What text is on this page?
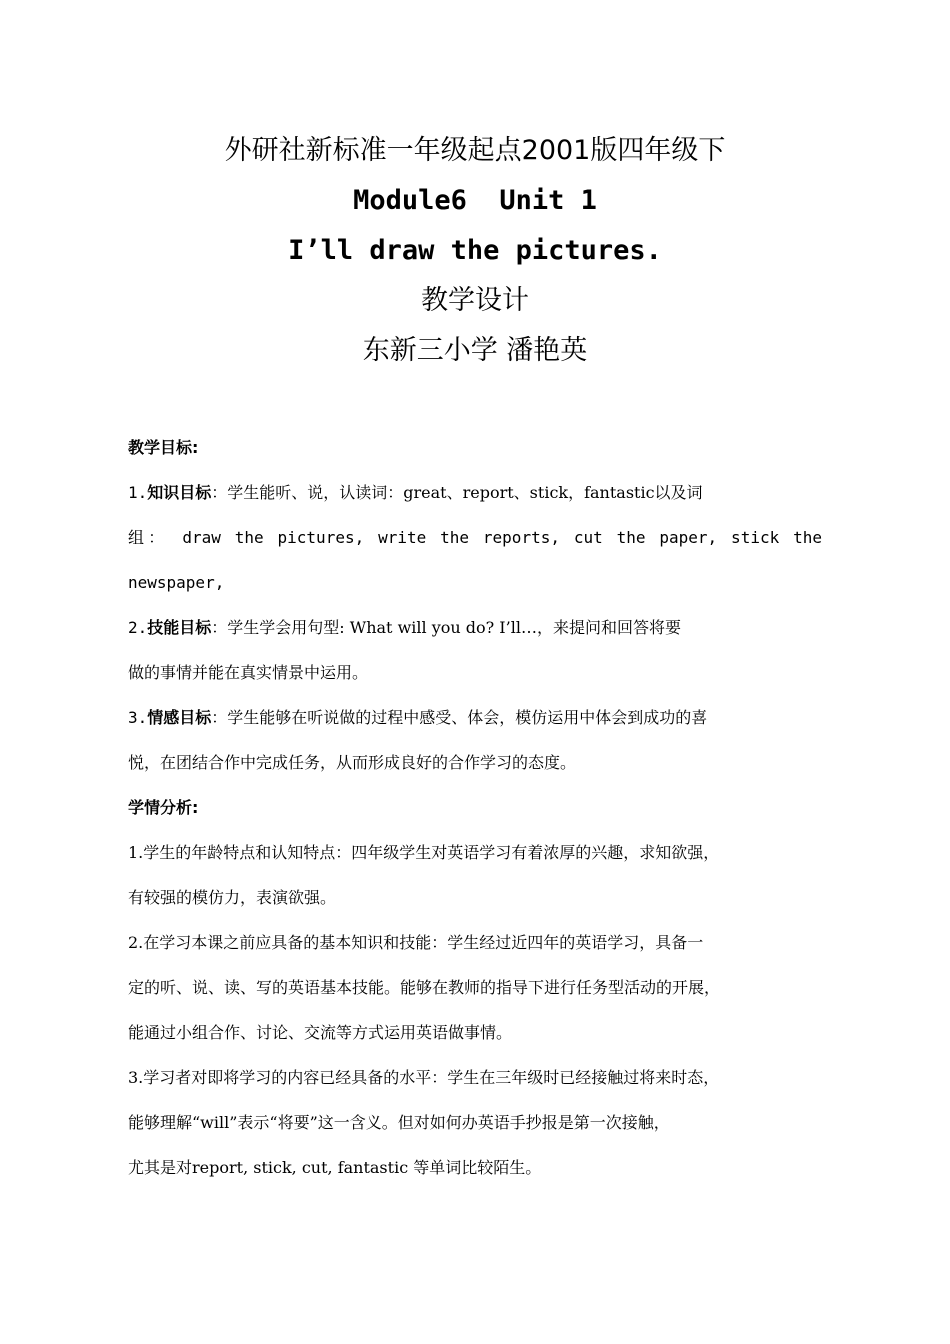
外研社新标准一年级起点2001版四年级下
Module6  Unit 1
I’ll draw the pictures.
教学设计
东新三小学 潘艳英
教学目标:
1.知识目标：学生能听、说，认读词：great、report、stick，fantastic以及词
组： draw the pictures, write the reports, cut the paper, stick the
newspaper,
2.技能目标：学生学会用句型: What will you do? I’ll…，来提问和回答将要
做的事情并能在真实情景中运用。
3.情感目标：学生能够在听说做的过程中感受、体会，模仿运用中体会到成功的喜
悦，在团结合作中完成任务，从而形成良好的合作学习的态度。
学情分析:
1.学生的年龄特点和认知特点：四年级学生对英语学习有着浓厚的兴趣，求知欲强，
有较强的模仿力，表演欲强。
2.在学习本课之前应具备的基本知识和技能：学生经过近四年的英语学习，具备一
定的听、说、读、写的英语基本技能。能够在教师的指导下进行任务型活动的开展，
能通过小组合作、讨论、交流等方式运用英语做事情。
3.学习者对即将学习的内容已经具备的水平：学生在三年级时已经接触过将来时态，
能够理解“will”表示“将要”这一含义。但对如何办英语手抄报是第一次接触，
尤其是对report, stick, cut, fantastic 等单词比较陌生。
